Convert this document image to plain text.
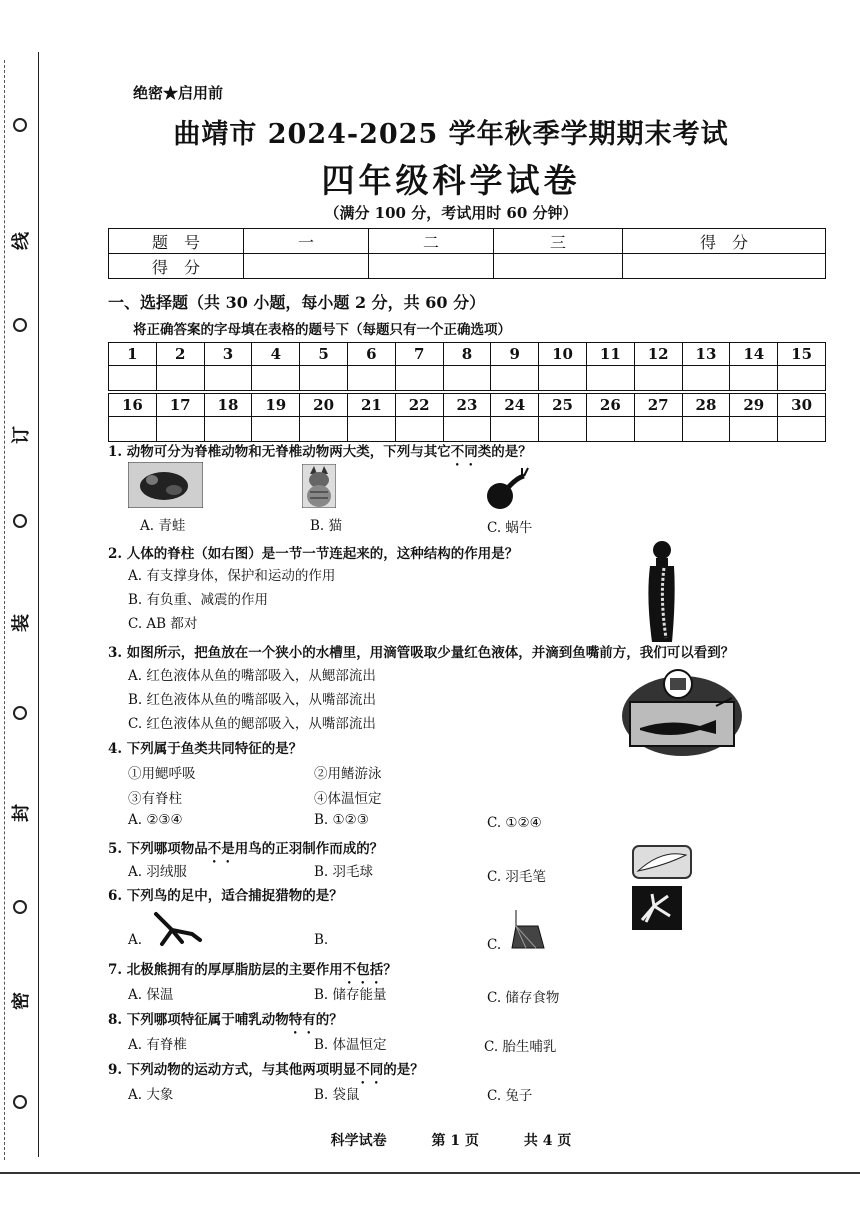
线
订
装
封
密
绝密★启用前
曲靖市 2024-2025 学年秋季学期期末考试
四年级科学试卷
（满分 100 分，考试用时 60 分钟）
题　号	一	二	三	得　分
得　分				
一、选择题（共 30 小题，每小题 2 分，共 60 分）
将正确答案的字母填在表格的题号下（每题只有一个正确选项）
1	2	3	4	5	6	7	8	9	10	11	12	13	14	15

16	17	18	19	20	21	22	23	24	25	26	27	28	29	30

1. 动物可分为脊椎动物和无脊椎动物两大类，下列与其它不同类的是？
A. 青蛙	B. 猫	C. 蜗牛
2. 人体的脊柱（如右图）是一节一节连起来的，这种结构的作用是？
A. 有支撑身体，保护和运动的作用
B. 有负重、减震的作用
C. AB 都对
3. 如图所示，把鱼放在一个狭小的水槽里，用滴管吸取少量红色液体，并滴到鱼嘴前方，我们可以看到？
A. 红色液体从鱼的嘴部吸入，从鳃部流出
B. 红色液体从鱼的嘴部吸入，从嘴部流出
C. 红色液体从鱼的鳃部吸入，从嘴部流出
4. 下列属于鱼类共同特征的是？
①用鳃呼吸	②用鳍游泳
③有脊柱	④体温恒定
A. ②③④	B. ①②③	C. ①②④
5. 下列哪项物品不是用鸟的正羽制作而成的？
A. 羽绒服	B. 羽毛球	C. 羽毛笔
6. 下列鸟的足中，适合捕捉猎物的是？
A.	B.	C.
7. 北极熊拥有的厚厚脂肪层的主要作用不包括？
A. 保温	B. 储存能量	C. 储存食物
8. 下列哪项特征属于哺乳动物特有的？
A. 有脊椎	B. 体温恒定	C. 胎生哺乳
9. 下列动物的运动方式，与其他两项明显不同的是？
A. 大象	B. 袋鼠	C. 兔子
科学试卷	第 1 页	共 4 页
